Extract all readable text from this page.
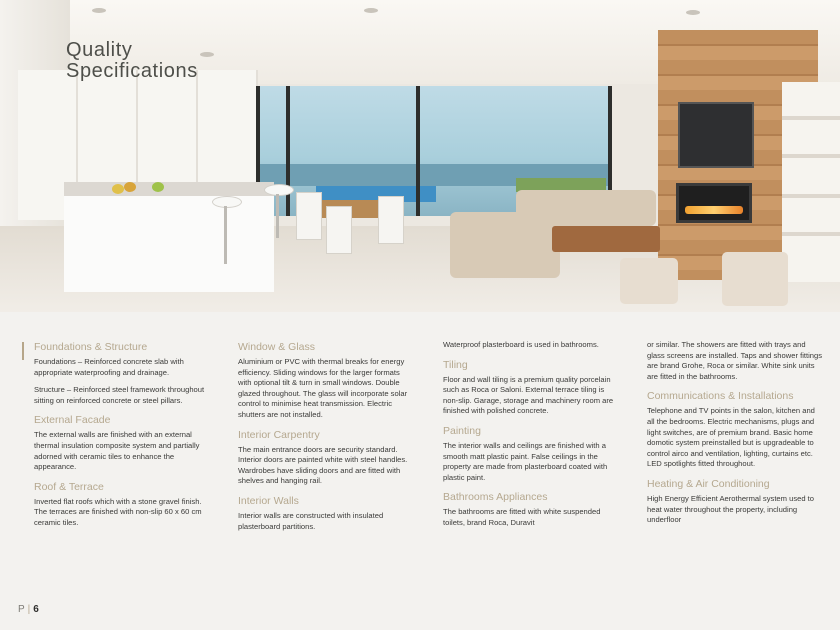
Quality
Specifications
Foundations & Structure

Foundations – Reinforced concrete slab with appropriate waterproofing and drainage.

Structure – Reinforced steel framework throughout sitting on reinforced concrete or steel pillars.

External Facade

The external walls are finished with an external thermal insulation composite system and partially adorned with ceramic tiles to enhance the appearance.

Roof & Terrace

Inverted flat roofs which with a stone gravel finish. The terraces are finished with non-slip 60 x 60 cm ceramic tiles.

Window & Glass

Aluminium or PVC with thermal breaks for energy efficiency. Sliding windows for the larger formats with optional tilt & turn in small windows. Double glazed throughout. The glass will incorporate solar control to minimise heat transmission. Electric shutters are not installed.

Interior Carpentry

The main entrance doors are security standard. Interior doors are painted white with steel handles. Wardrobes have sliding doors and are fitted with shelves and hanging rail.

Interior Walls

Interior walls are constructed with insulated plasterboard partitions.

Waterproof plasterboard is used in bathrooms.

Tiling

Floor and wall tiling is a premium quality porcelain such as Roca or Saloni. External terrace tiling is non-slip. Garage, storage and machinery room are finished with polished concrete.

Painting

The interior walls and ceilings are finished with a smooth matt plastic paint. False ceilings in the property are made from plasterboard coated with plastic paint.

Bathrooms Appliances

The bathrooms are fitted with white suspended toilets, brand Roca, Duravit

or similar. The showers are fitted with trays and glass screens are installed. Taps and shower fittings are brand Grohe, Roca or similar. White sink units are fitted in the bathrooms.

Communications & Installations

Telephone and TV points in the salon, kitchen and all the bedrooms. Electric mechanisms, plugs and light switches, are of premium brand. Basic home domotic system preinstalled but is upgradeable to control airco and ventilation, lighting, curtains etc. LED spotlights fitted throughout.

Heating & Air Conditioning

High Energy Efficient Aerothermal system used to heat water throughout the property, including underfloor

P | 6
